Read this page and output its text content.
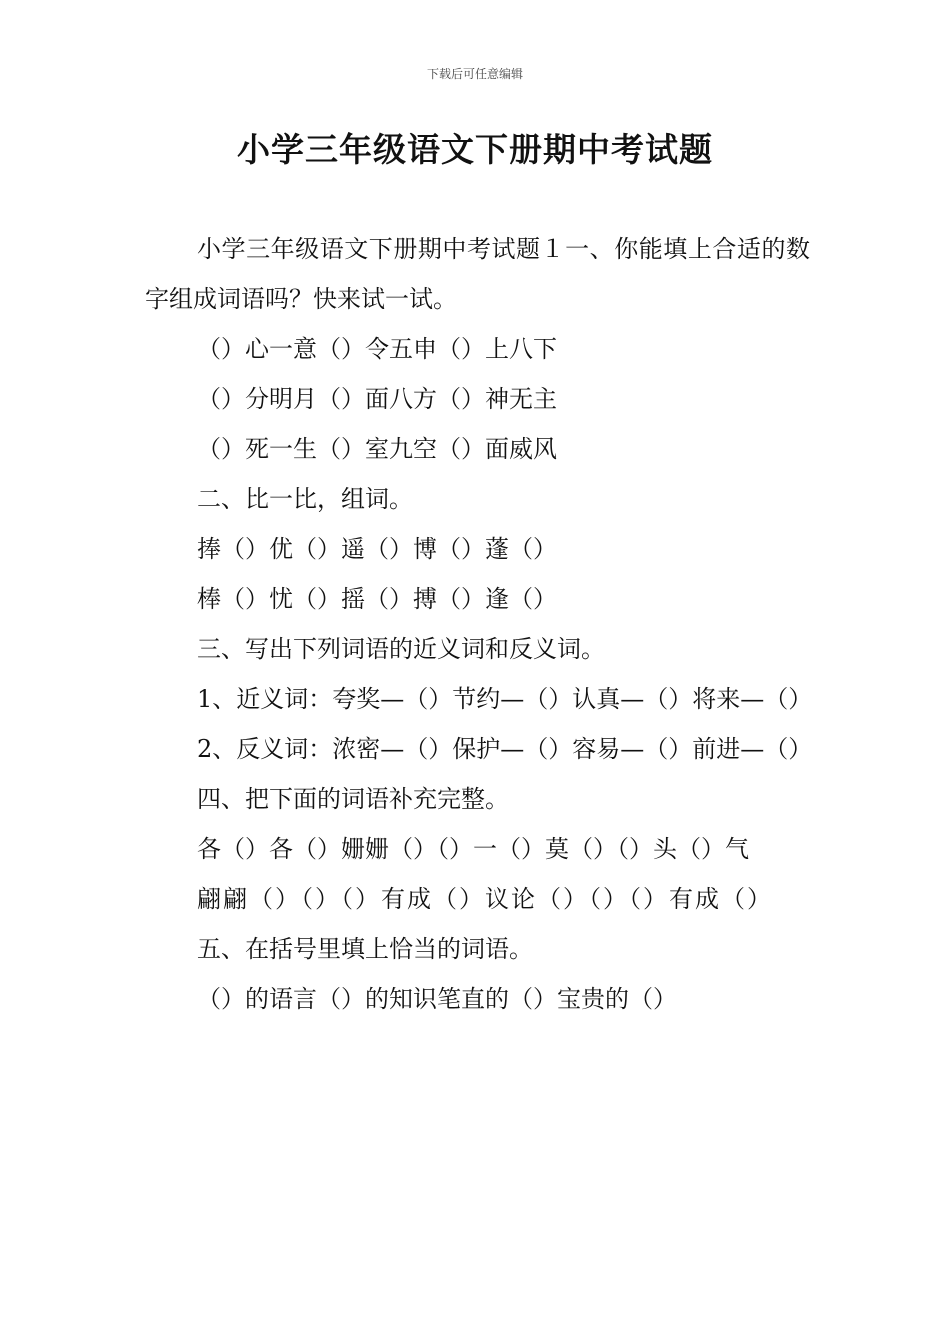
下载后可任意编辑
小学三年级语文下册期中考试题

小学三年级语文下册期中考试题１一、你能填上合适的数字组成词语吗？快来试一试。

（）心一意（）令五申（）上八下

（）分明月（）面八方（）神无主

（）死一生（）室九空（）面威风

二、比一比，组词。

捧（）优（）遥（）博（）蓬（）

棒（）忧（）摇（）搏（）逢（）

三、写出下列词语的近义词和反义词。

1、近义词：夸奖—（）节约—（）认真—（）将来—（）

2、反义词：浓密—（）保护—（）容易—（）前进—（）

四、把下面的词语补充完整。

各（）各（）姗姗（）（）一（）莫（）（）头（）气

翩翩（）（）（）有成（）议论（）（）（）有成（）

五、在括号里填上恰当的词语。

（）的语言（）的知识笔直的（）宝贵的（）
